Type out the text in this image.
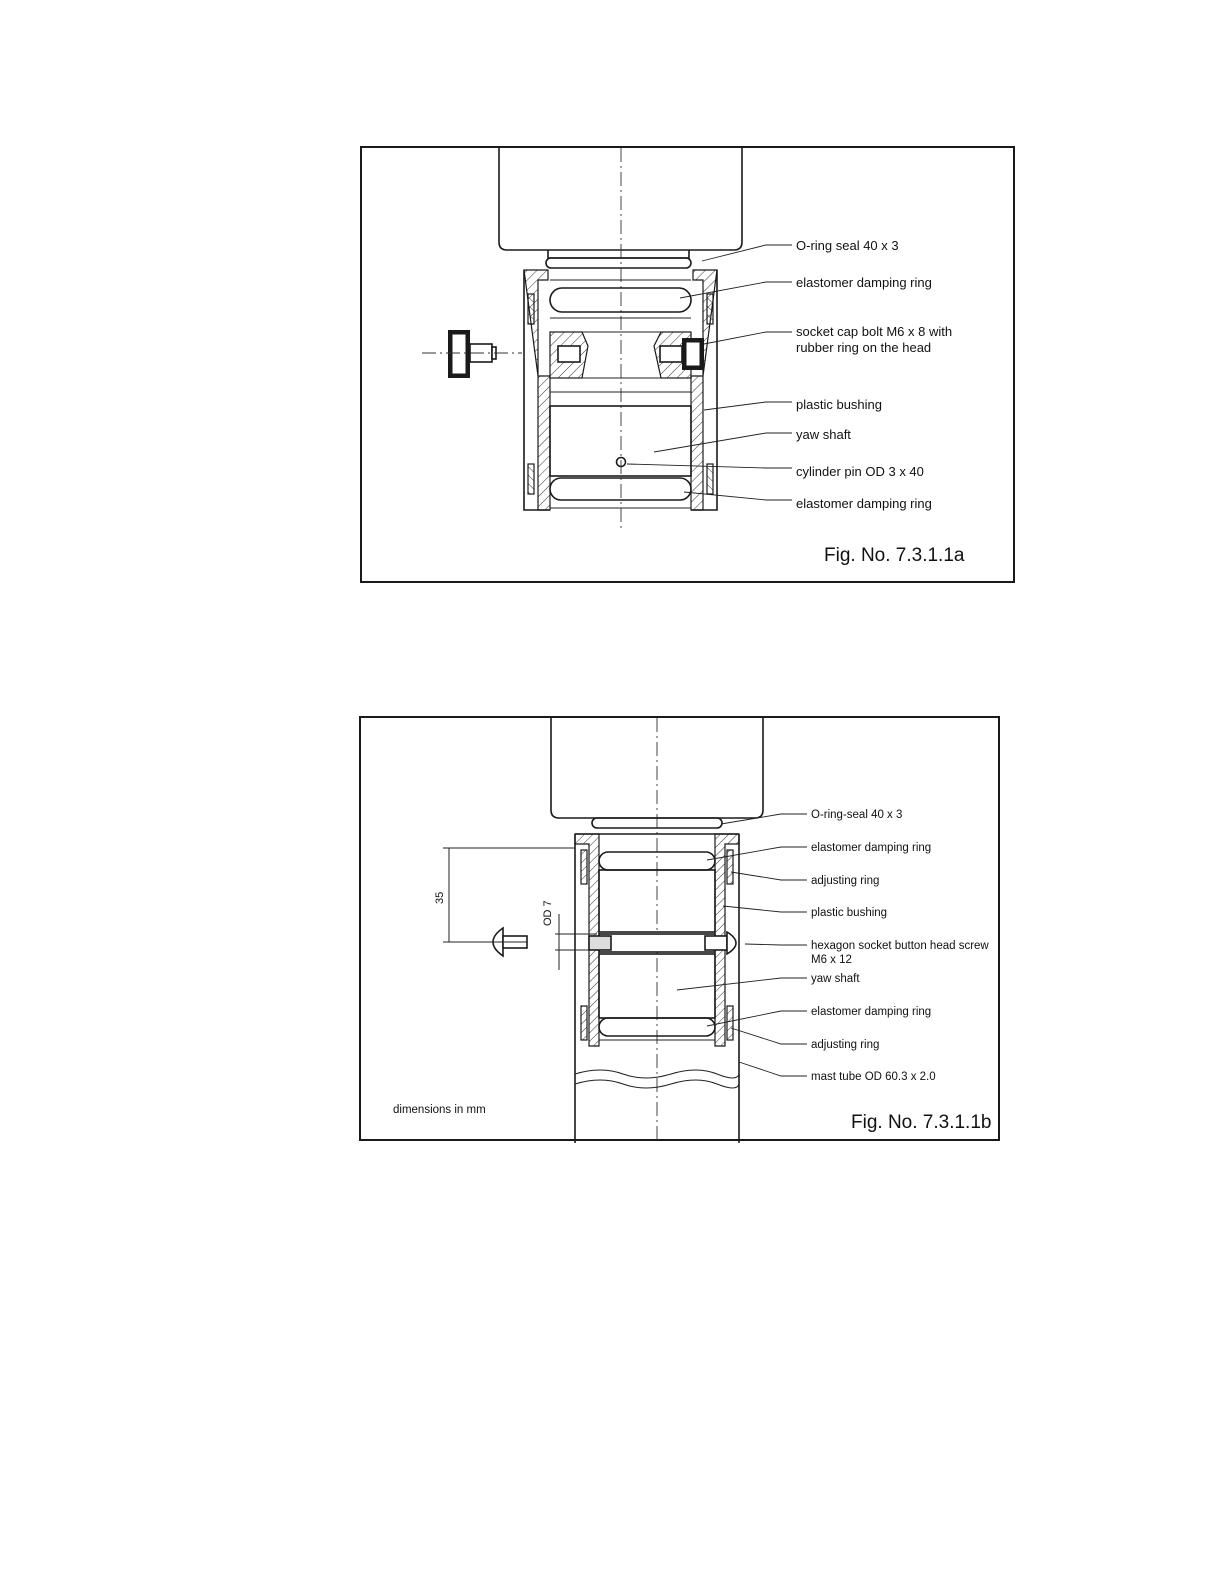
O-ring seal 40 x 3
elastomer damping ring
socket cap bolt M6 x 8 with
rubber ring on the head
plastic bushing
yaw shaft
cylinder pin OD 3 x 40
elastomer damping ring
Fig. No. 7.3.1.1a
35
OD 7
O-ring-seal 40 x 3
elastomer damping ring
adjusting ring
plastic bushing
hexagon socket button head screw
M6 x 12
yaw shaft
elastomer damping ring
adjusting ring
mast tube OD 60.3 x 2.0
dimensions in mm
Fig. No. 7.3.1.1b
